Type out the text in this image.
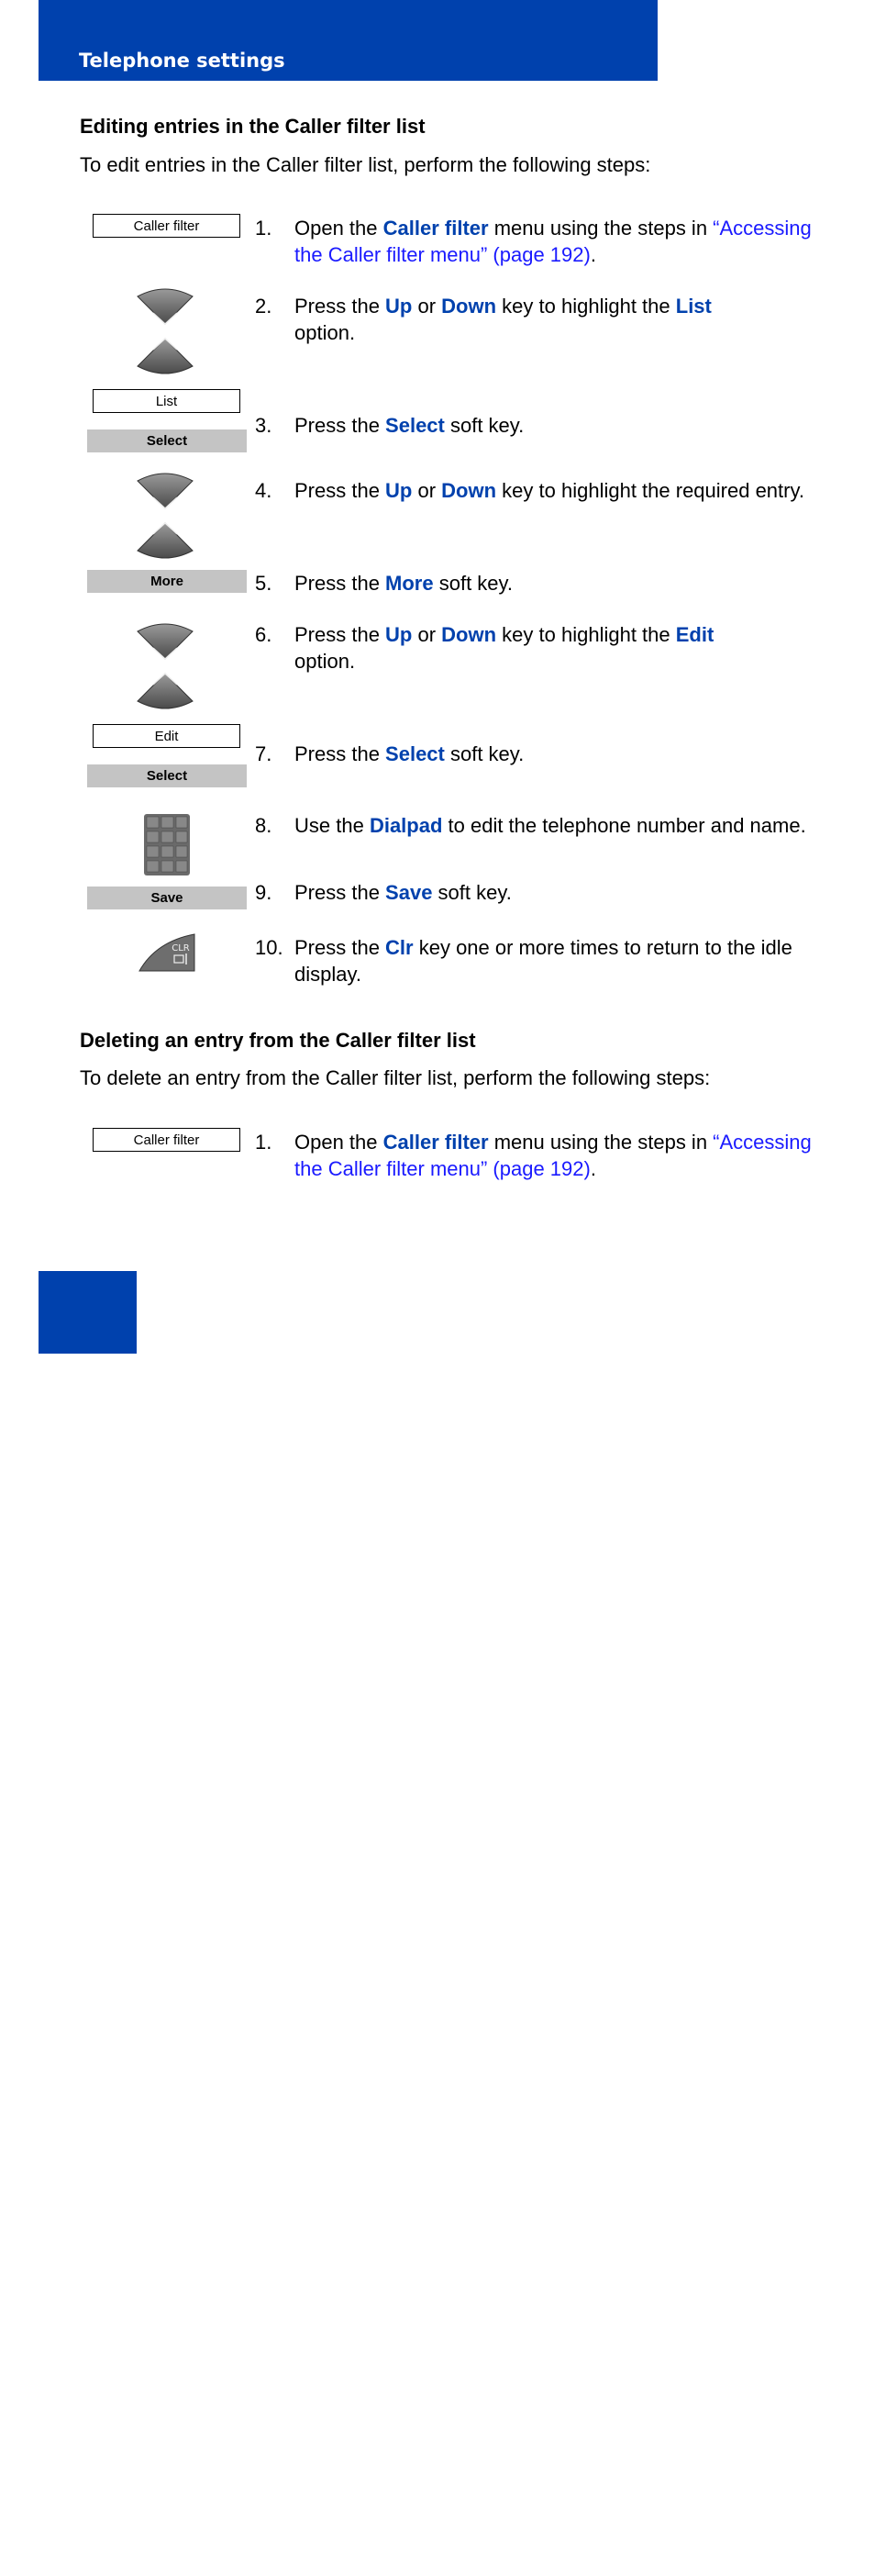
Telephone settings
Editing entries in the Caller filter list
To edit entries in the Caller filter list, perform the following steps:
Caller filter	1. Open the Caller filter menu using the steps in “Accessing the Caller filter menu” (page 192).
2. Press the Up or Down key to highlight the List
option.
List
Select
3. Press the Select soft key.
4. Press the Up or Down key to highlight the required entry.
More	5. Press the More soft key.
6. Press the Up or Down key to highlight the Edit
option.
Edit
Select
7. Press the Select soft key.
8. Use the Dialpad to edit the telephone number and name.
Save	9. Press the Save soft key.
CLR	10. Press the Clr key one or more times to return to the idle display.
Deleting an entry from the Caller filter list
To delete an entry from the Caller filter list, perform the following steps:
Caller filter	1. Open the Caller filter menu using the steps in “Accessing the Caller filter menu” (page 192).
194
